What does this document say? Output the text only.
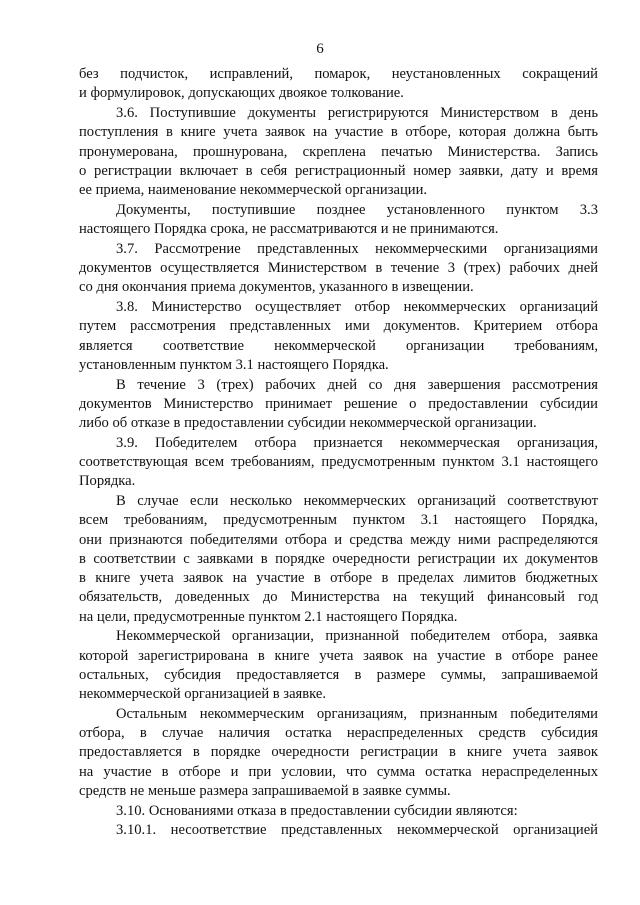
6
без подчисток, исправлений, помарок, неустановленных сокращений
и формулировок, допускающих двоякое толкование.
3.6. Поступившие документы регистрируются Министерством в день
поступления в книге учета заявок на участие в отборе, которая должна быть
пронумерована, прошнурована, скреплена печатью Министерства. Запись
о регистрации включает в себя регистрационный номер заявки, дату и время
ее приема, наименование некоммерческой организации.
Документы, поступившие позднее установленного пунктом 3.3
настоящего Порядка срока, не рассматриваются и не принимаются.
3.7. Рассмотрение представленных некоммерческими организациями
документов осуществляется Министерством в течение 3 (трех) рабочих дней
со дня окончания приема документов, указанного в извещении.
3.8. Министерство осуществляет отбор некоммерческих организаций
путем рассмотрения представленных ими документов. Критерием отбора
является соответствие некоммерческой организации требованиям,
установленным пунктом 3.1 настоящего Порядка.
В течение 3 (трех) рабочих дней со дня завершения рассмотрения
документов Министерство принимает решение о предоставлении субсидии
либо об отказе в предоставлении субсидии некоммерческой организации.
3.9. Победителем отбора признается некоммерческая организация,
соответствующая всем требованиям, предусмотренным пунктом 3.1 настоящего
Порядка.
В случае если несколько некоммерческих организаций соответствуют
всем требованиям, предусмотренным пунктом 3.1 настоящего Порядка,
они признаются победителями отбора и средства между ними распределяются
в соответствии с заявками в порядке очередности регистрации их документов
в книге учета заявок на участие в отборе в пределах лимитов бюджетных
обязательств, доведенных до Министерства на текущий финансовый год
на цели, предусмотренные пунктом 2.1 настоящего Порядка.
Некоммерческой организации, признанной победителем отбора, заявка
которой зарегистрирована в книге учета заявок на участие в отборе ранее
остальных, субсидия предоставляется в размере суммы, запрашиваемой
некоммерческой организацией в заявке.
Остальным некоммерческим организациям, признанным победителями
отбора, в случае наличия остатка нераспределенных средств субсидия
предоставляется в порядке очередности регистрации в книге учета заявок
на участие в отборе и при условии, что сумма остатка нераспределенных
средств не меньше размера запрашиваемой в заявке суммы.
3.10. Основаниями отказа в предоставлении субсидии являются:
3.10.1. несоответствие представленных некоммерческой организацией
